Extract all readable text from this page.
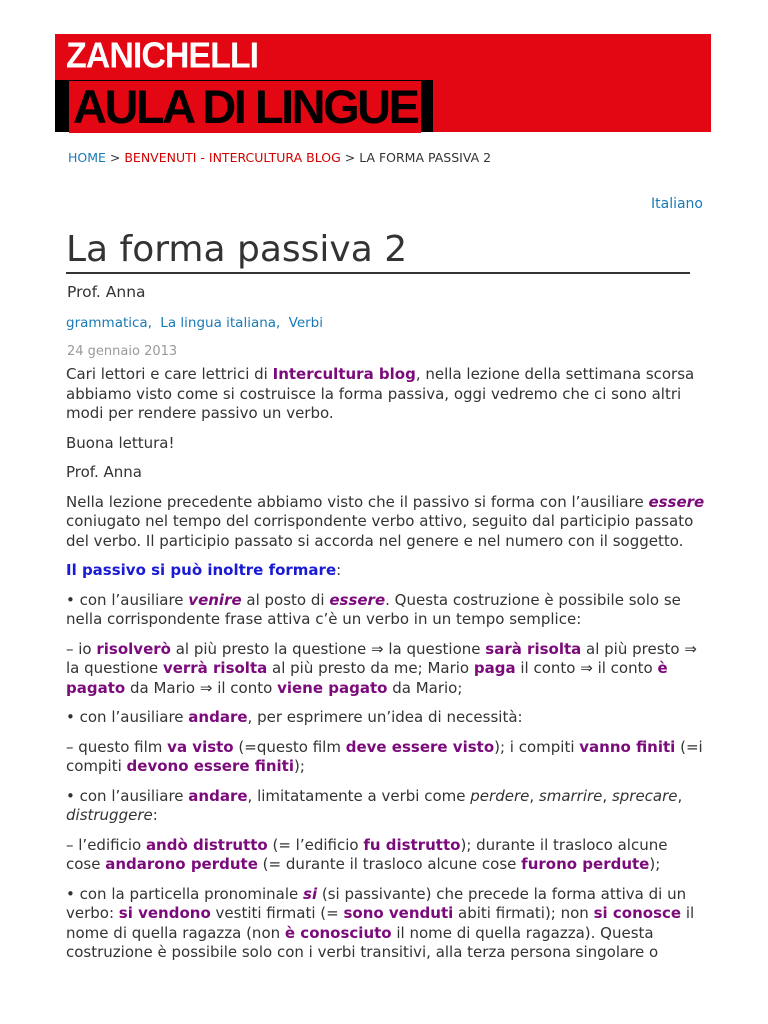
ZANICHELLI
AULA DI LINGUE
HOME > BENVENUTI - INTERCULTURA BLOG > LA FORMA PASSIVA 2
Italiano
La forma passiva 2
Prof. Anna
grammatica, La lingua italiana, Verbi
24 gennaio 2013

Cari lettori e care lettrici di Intercultura blog, nella lezione della settimana scorsa abbiamo visto come si costruisce la forma passiva, oggi vedremo che ci sono altri modi per rendere passivo un verbo.

Buona lettura!

Prof. Anna

Nella lezione precedente abbiamo visto che il passivo si forma con l’ausiliare essere coniugato nel tempo del corrispondente verbo attivo, seguito dal participio passato del verbo. Il participio passato si accorda nel genere e nel numero con il soggetto.

Il passivo si può inoltre formare:

• con l’ausiliare venire al posto di essere. Questa costruzione è possibile solo se nella corrispondente frase attiva c’è un verbo in un tempo semplice:

– io risolverò al più presto la questione ⇒ la questione sarà risolta al più presto ⇒ la questione verrà risolta al più presto da me; Mario paga il conto ⇒ il conto è pagato da Mario ⇒ il conto viene pagato da Mario;

• con l’ausiliare andare, per esprimere un’idea di necessità:

– questo film va visto (=questo film deve essere visto); i compiti vanno finiti (=i compiti devono essere finiti);

• con l’ausiliare andare, limitatamente a verbi come perdere, smarrire, sprecare, distruggere:

– l’edificio andò distrutto (= l’edificio fu distrutto); durante il trasloco alcune cose andarono perdute (= durante il trasloco alcune cose furono perdute);

• con la particella pronominale si (si passivante) che precede la forma attiva di un verbo: si vendono vestiti firmati (= sono venduti abiti firmati); non si conosce il nome di quella ragazza (non è conosciuto il nome di quella ragazza). Questa costruzione è possibile solo con i verbi transitivi, alla terza persona singolare o
